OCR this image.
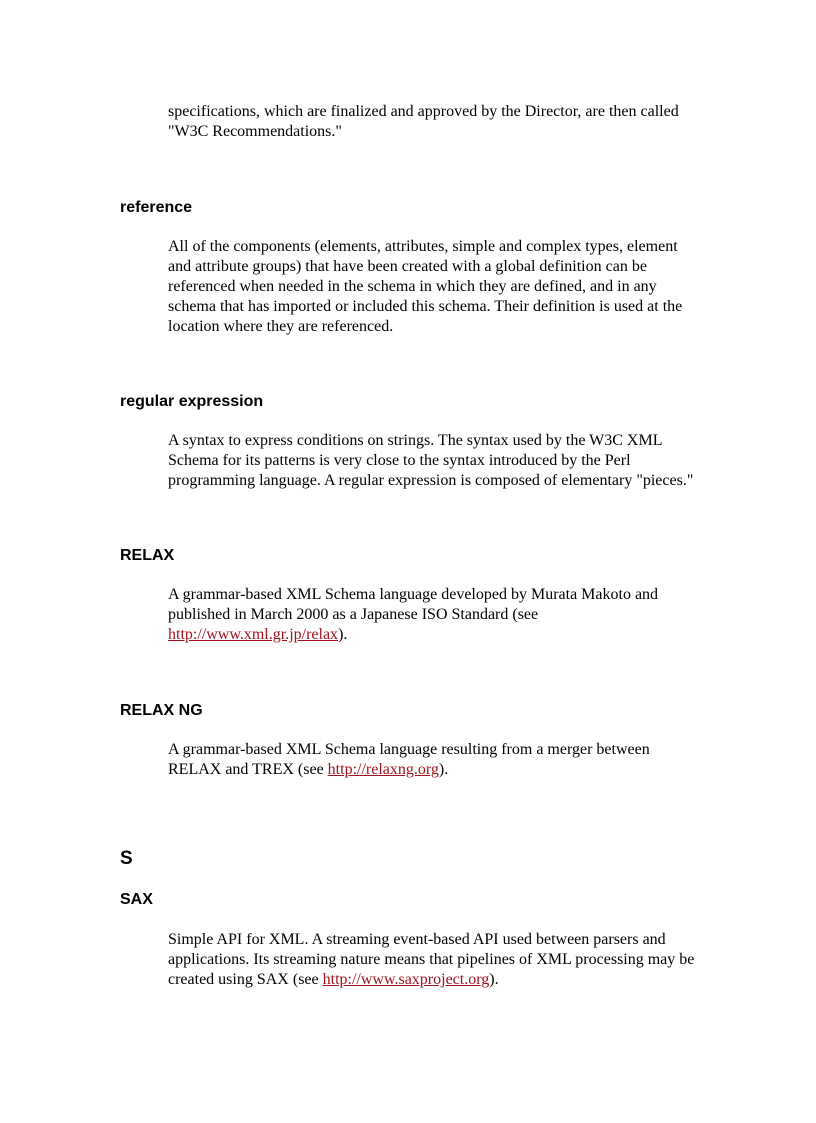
specifications, which are finalized and approved by the Director, are then called
"W3C Recommendations."

reference

All of the components (elements, attributes, simple and complex types, element
and attribute groups) that have been created with a global definition can be
referenced when needed in the schema in which they are defined, and in any
schema that has imported or included this schema. Their definition is used at the
location where they are referenced.

regular expression

A syntax to express conditions on strings. The syntax used by the W3C XML
Schema for its patterns is very close to the syntax introduced by the Perl
programming language. A regular expression is composed of elementary "pieces."

RELAX

A grammar-based XML Schema language developed by Murata Makoto and
published in March 2000 as a Japanese ISO Standard (see
http://www.xml.gr.jp/relax).

RELAX NG

A grammar-based XML Schema language resulting from a merger between
RELAX and TREX (see http://relaxng.org).

S
SAX

Simple API for XML. A streaming event-based API used between parsers and
applications. Its streaming nature means that pipelines of XML processing may be
created using SAX (see http://www.saxproject.org).
